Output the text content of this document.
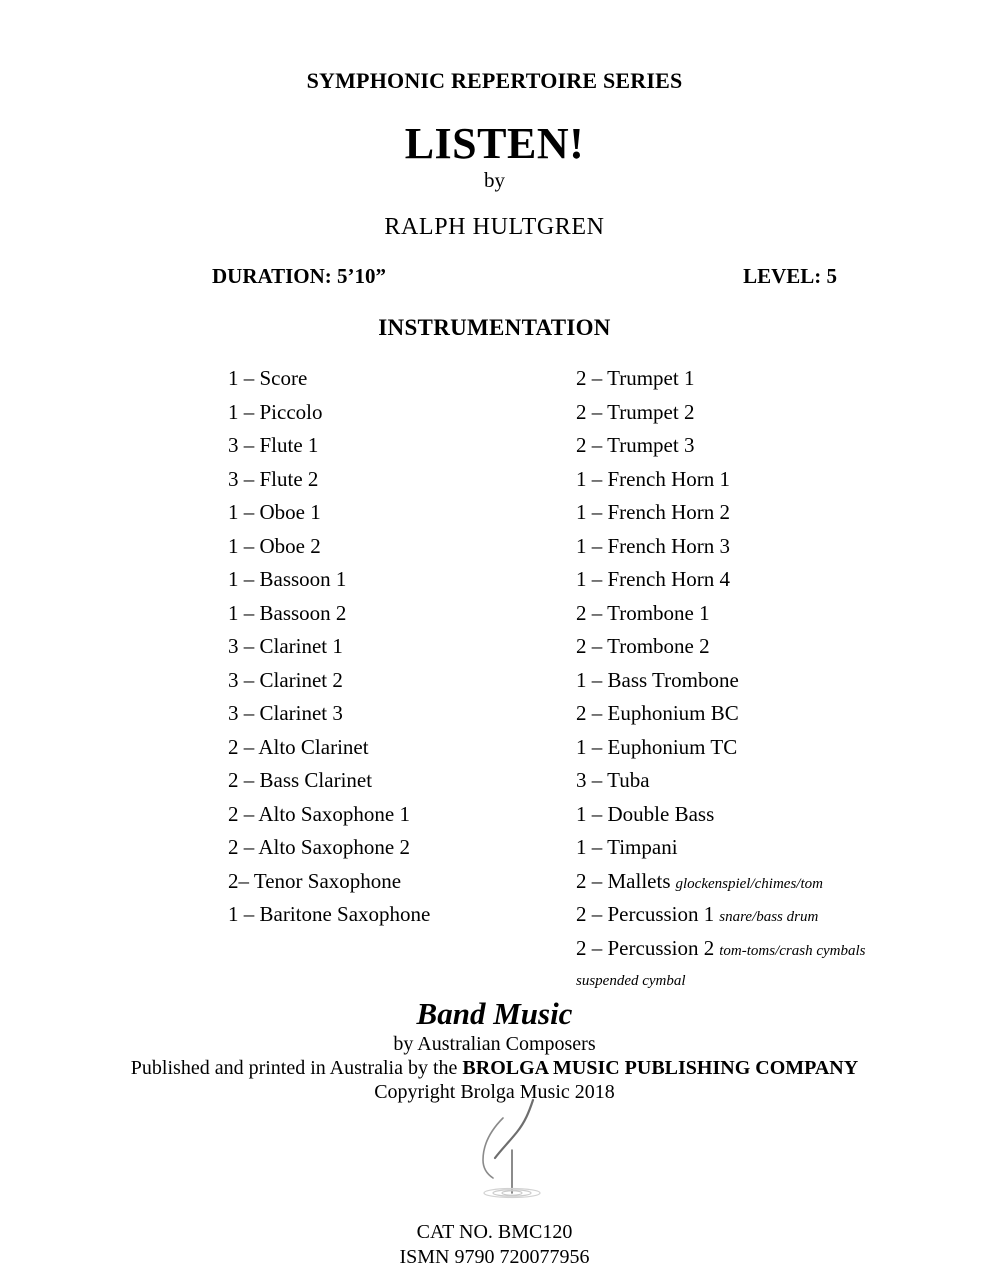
SYMPHONIC REPERTOIRE SERIES
LISTEN!
by
RALPH HULTGREN
DURATION: 5’10”	LEVEL: 5
INSTRUMENTATION
1 – Score
1 – Piccolo
3 – Flute 1
3 – Flute 2
1 – Oboe 1
1 – Oboe 2
1 – Bassoon 1
1 – Bassoon 2
3 – Clarinet 1
3 – Clarinet 2
3 – Clarinet 3
2 – Alto Clarinet
2 – Bass Clarinet
2 – Alto Saxophone 1
2 – Alto Saxophone 2
2– Tenor Saxophone
1 – Baritone Saxophone
2 – Trumpet 1
2 – Trumpet 2
2 – Trumpet 3
1 – French Horn 1
1 – French Horn 2
1 – French Horn 3
1 – French Horn 4
2 – Trombone 1
2 – Trombone 2
1 – Bass Trombone
2 – Euphonium BC
1 – Euphonium TC
3 – Tuba
1 – Double Bass
1 – Timpani
2 – Mallets glockenspiel/chimes/tom
2 – Percussion 1 snare/bass drum
2 – Percussion 2 tom-toms/crash cymbals
suspended cymbal
Band Music
by Australian Composers
Published and printed in Australia by the BROLGA MUSIC PUBLISHING COMPANY
Copyright Brolga Music 2018
CAT NO. BMC120
ISMN 9790 720077956
